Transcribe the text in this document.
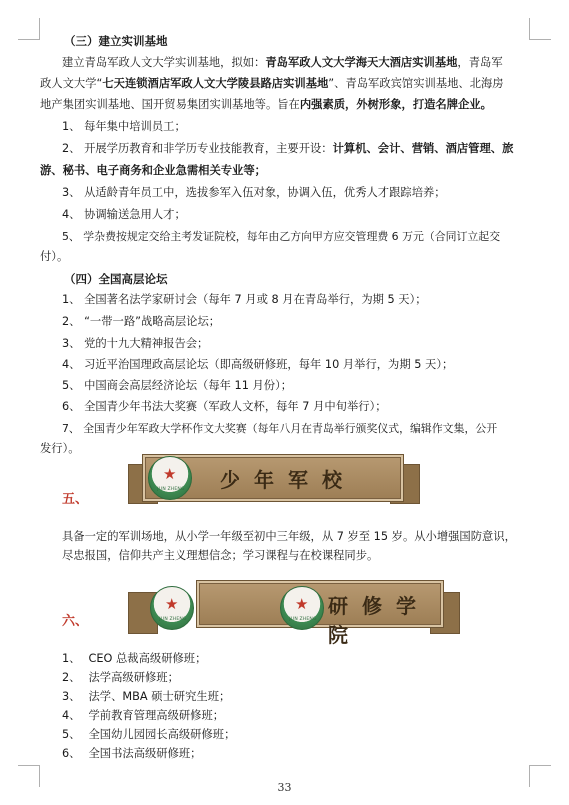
（三）建立实训基地
建立青岛军政人文大学实训基地，拟如：青岛军政人文大学海天大酒店实训基地，青岛军
政人文大学“七天连锁酒店军政人文大学陵县路店实训基地”、青岛军政宾馆实训基地、北海房
地产集团实训基地、国开贸易集团实训基地等。旨在内强素质，外树形象，打造名牌企业。
1、 每年集中培训员工；
2、 开展学历教育和非学历专业技能教育，主要开设：计算机、会计、营销、酒店管理、旅
游、秘书、电子商务和企业急需相关专业等；
3、 从适龄青年员工中，选拔参军入伍对象，协调入伍，优秀人才跟踪培养；
4、 协调输送急用人才；
5、 学杂费按规定交给主考发证院校，每年由乙方向甲方应交管理费 6 万元（合同订立起交
付）。
（四）全国高层论坛
1、 全国著名法学家研讨会（每年 7 月或 8 月在青岛举行，为期 5 天）；
2、 “一带一路”战略高层论坛；
3、 党的十九大精神报告会；
4、 习近平治国理政高层论坛（即高级研修班，每年 10 月举行，为期 5 天）；
5、 中国商会高层经济论坛（每年 11 月份）；
6、 全国青少年书法大奖赛（军政人文杯，每年 7 月中旬举行）；
7、 全国青少年军政大学杯作文大奖赛（每年八月在青岛举行颁奖仪式，编辑作文集，公开
发行）。
五、
★
JUN ZHENG	少年军校
具备一定的军训场地，从小学一年级至初中三年级，从 7 岁至 15 岁。从小增强国防意识，
尽忠报国，信仰共产主义理想信念；学习课程与在校课程同步。
六、
★
JUN ZHENG
★
JUN ZHENG
研修学院
1、 CEO 总裁高级研修班；
2、 法学高级研修班；
3、 法学、MBA 硕士研究生班；
4、 学前教育管理高级研修班；
5、 全国幼儿园园长高级研修班；
6、 全国书法高级研修班；
33
